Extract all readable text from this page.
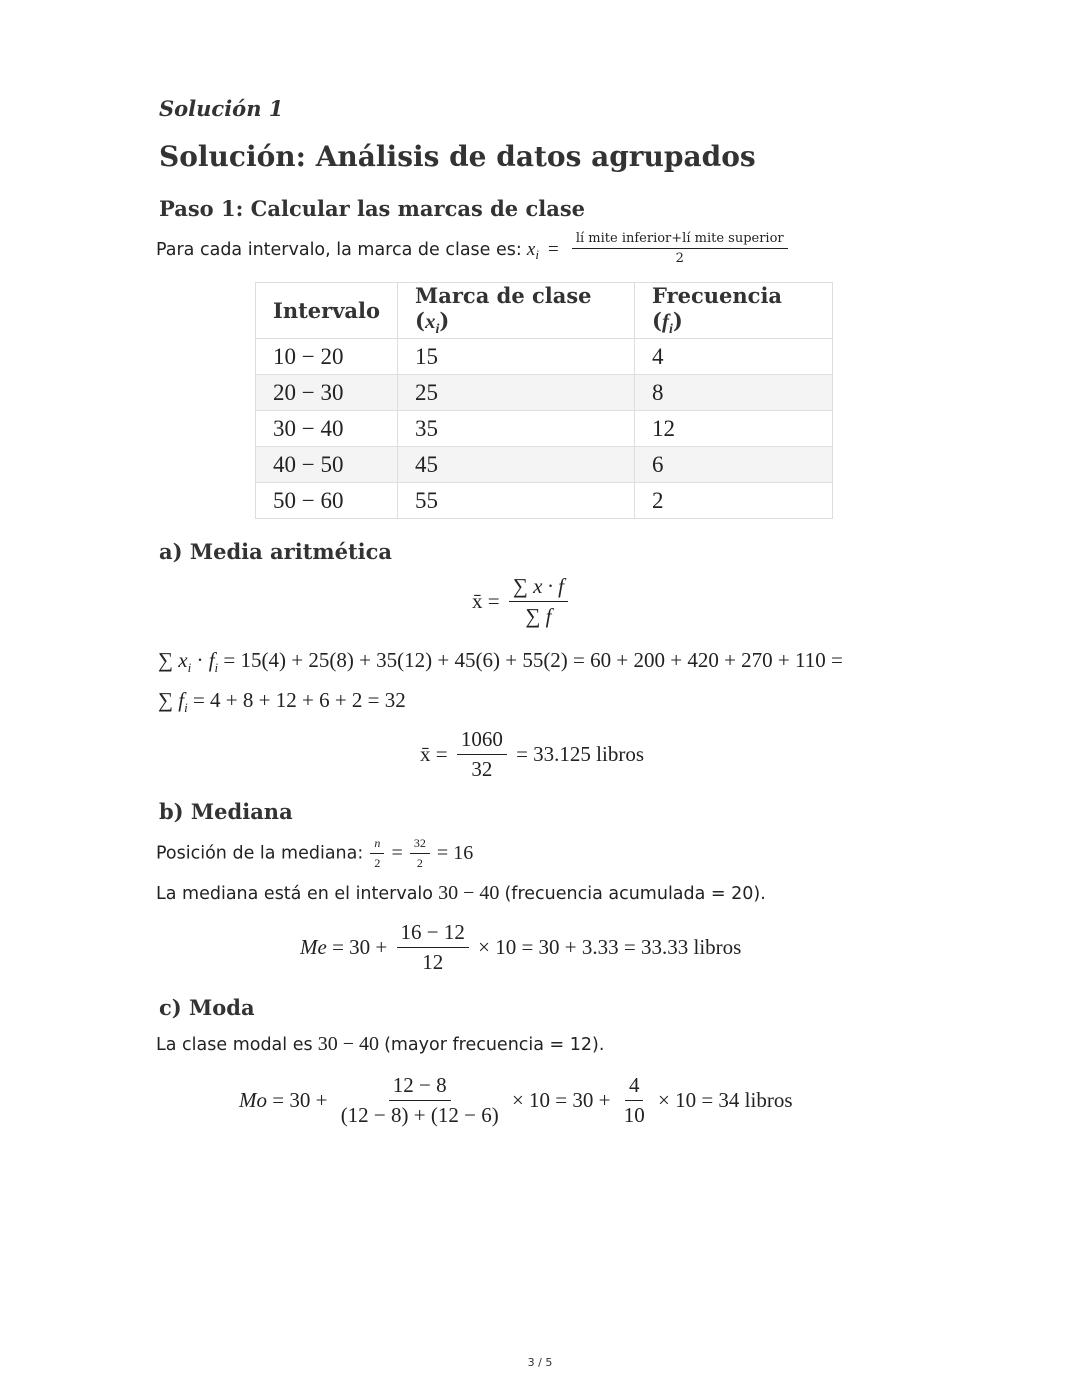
Solución 1
Solución: Análisis de datos agrupados
Paso 1: Calcular las marcas de clase
Para cada intervalo, la marca de clase es: $x_i = \frac{\text{lí mite inferior+lí mite superior}}{2}$
Intervalo	Marca de clase $(x_i)$	Frecuencia $(f_i)$
10 − 20	15	4
20 − 30	25	8
30 − 40	35	12
40 − 50	45	6
50 − 60	55	2
a) Media aritmética
x̄ = $\frac{\sum x \cdot f}{\sum f}$
∑ $x_i \cdot f_i = 15(4) + 25(8) + 35(12) + 45(6) + 55(2) = 60 + 200 + 420 + 270 + 110$ =
∑ $f_i = 4 + 8 + 12 + 6 + 2 = 32$
x̄ = $\frac{1060}{32} = 33.125$ libros
b) Mediana
Posición de la mediana: $\frac{n}{2} = \frac{32}{2} = 16$
La mediana está en el intervalo 30 − 40 (frecuencia acumulada = 20).
$Me = 30 + \frac{16 - 12}{12} \times 10 = 30 + 3.33 = 33.33$ libros
c) Moda
La clase modal es 30 − 40 (mayor frecuencia = 12).
$Mo = 30 + \frac{12 - 8}{(12 - 8) + (12 - 6)} \times 10 = 30 + \frac{4}{10} \times 10 = 34$ libros
3 / 5
